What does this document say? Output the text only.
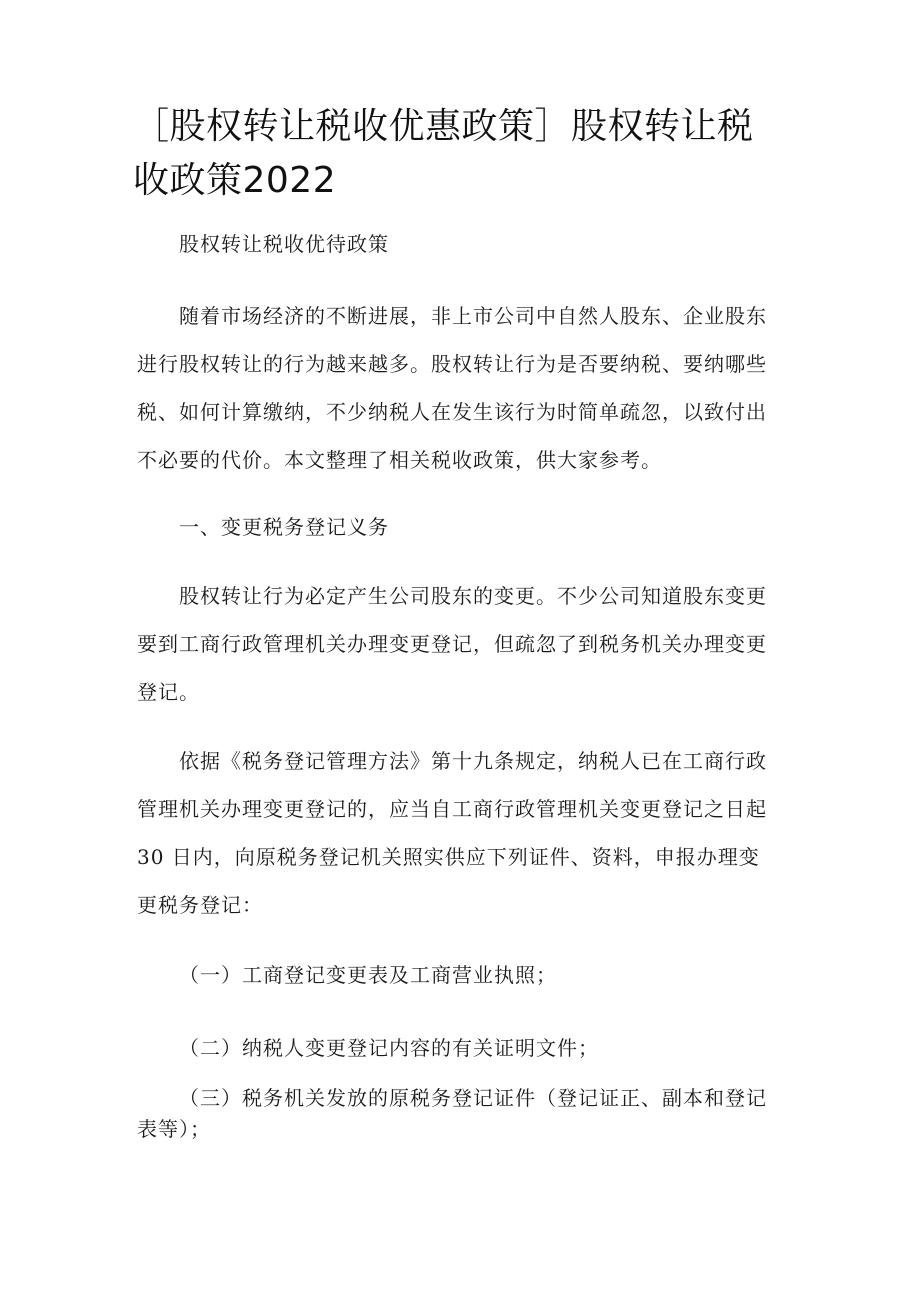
［股权转让税收优惠政策］股权转让税收政策2022

股权转让税收优待政策

随着市场经济的不断进展，非上市公司中自然人股东、企业股东进行股权转让的行为越来越多。股权转让行为是否要纳税、要纳哪些税、如何计算缴纳，不少纳税人在发生该行为时简单疏忽，以致付出不必要的代价。本文整理了相关税收政策，供大家参考。

一、变更税务登记义务

股权转让行为必定产生公司股东的变更。不少公司知道股东变更要到工商行政管理机关办理变更登记，但疏忽了到税务机关办理变更登记。

依据《税务登记管理方法》第十九条规定，纳税人已在工商行政管理机关办理变更登记的，应当自工商行政管理机关变更登记之日起 30 日内，向原税务登记机关照实供应下列证件、资料，申报办理变更税务登记：

（一）工商登记变更表及工商营业执照；

（二）纳税人变更登记内容的有关证明文件；

（三）税务机关发放的原税务登记证件（登记证正、副本和登记表等）；
